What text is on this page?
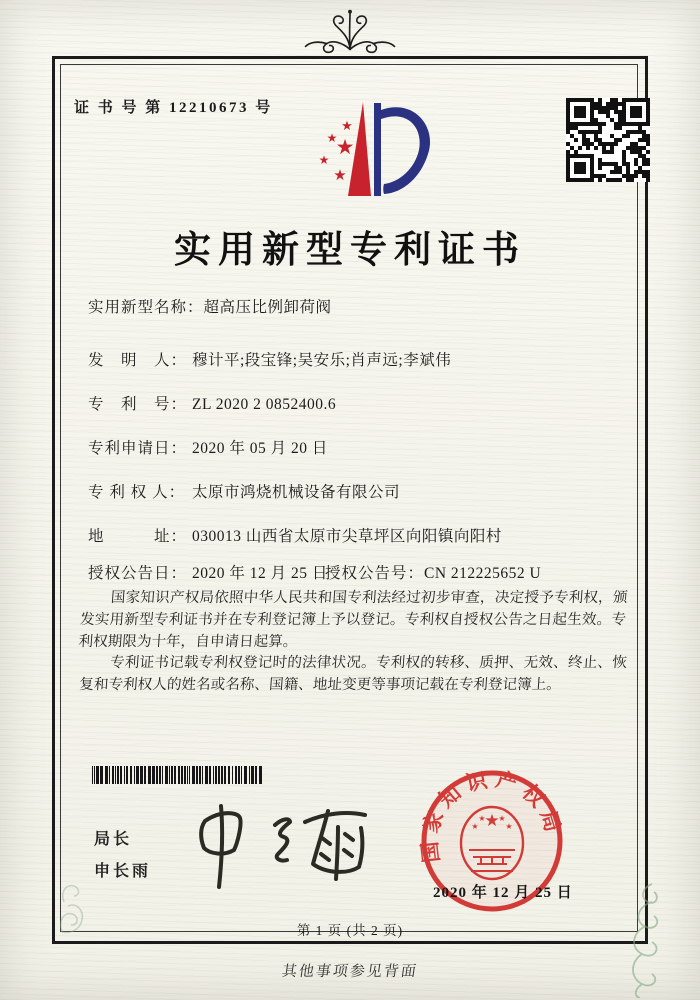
证 书 号 第 12210673 号
★
★
★
★
★
实用新型专利证书
实用新型名称：超高压比例卸荷阀
发　明　人： 穆计平;段宝锋;吴安乐;肖声远;李斌伟
专　利　号： ZL 2020 2 0852400.6
专利申请日： 2020 年 05 月 20 日
专 利 权 人： 太原市鸿烧机械设备有限公司
地　　　址： 030013 山西省太原市尖草坪区向阳镇向阳村
授权公告日： 2020 年 12 月 25 日
授权公告号：CN 212225652 U

国家知识产权局依照中华人民共和国专利法经过初步审查，决定授予专利权，颁发实用新型专利证书并在专利登记簿上予以登记。专利权自授权公告之日起生效。专利权期限为十年，自申请日起算。

专利证书记载专利权登记时的法律状况。专利权的转移、质押、无效、终止、恢复和专利权人的姓名或名称、国籍、地址变更等事项记载在专利登记簿上。

局长
申长雨
国家知识产权局
★
★
★ ★
★
2020 年 12 月 25 日
第 1 页 (共 2 页)
其他事项参见背面
